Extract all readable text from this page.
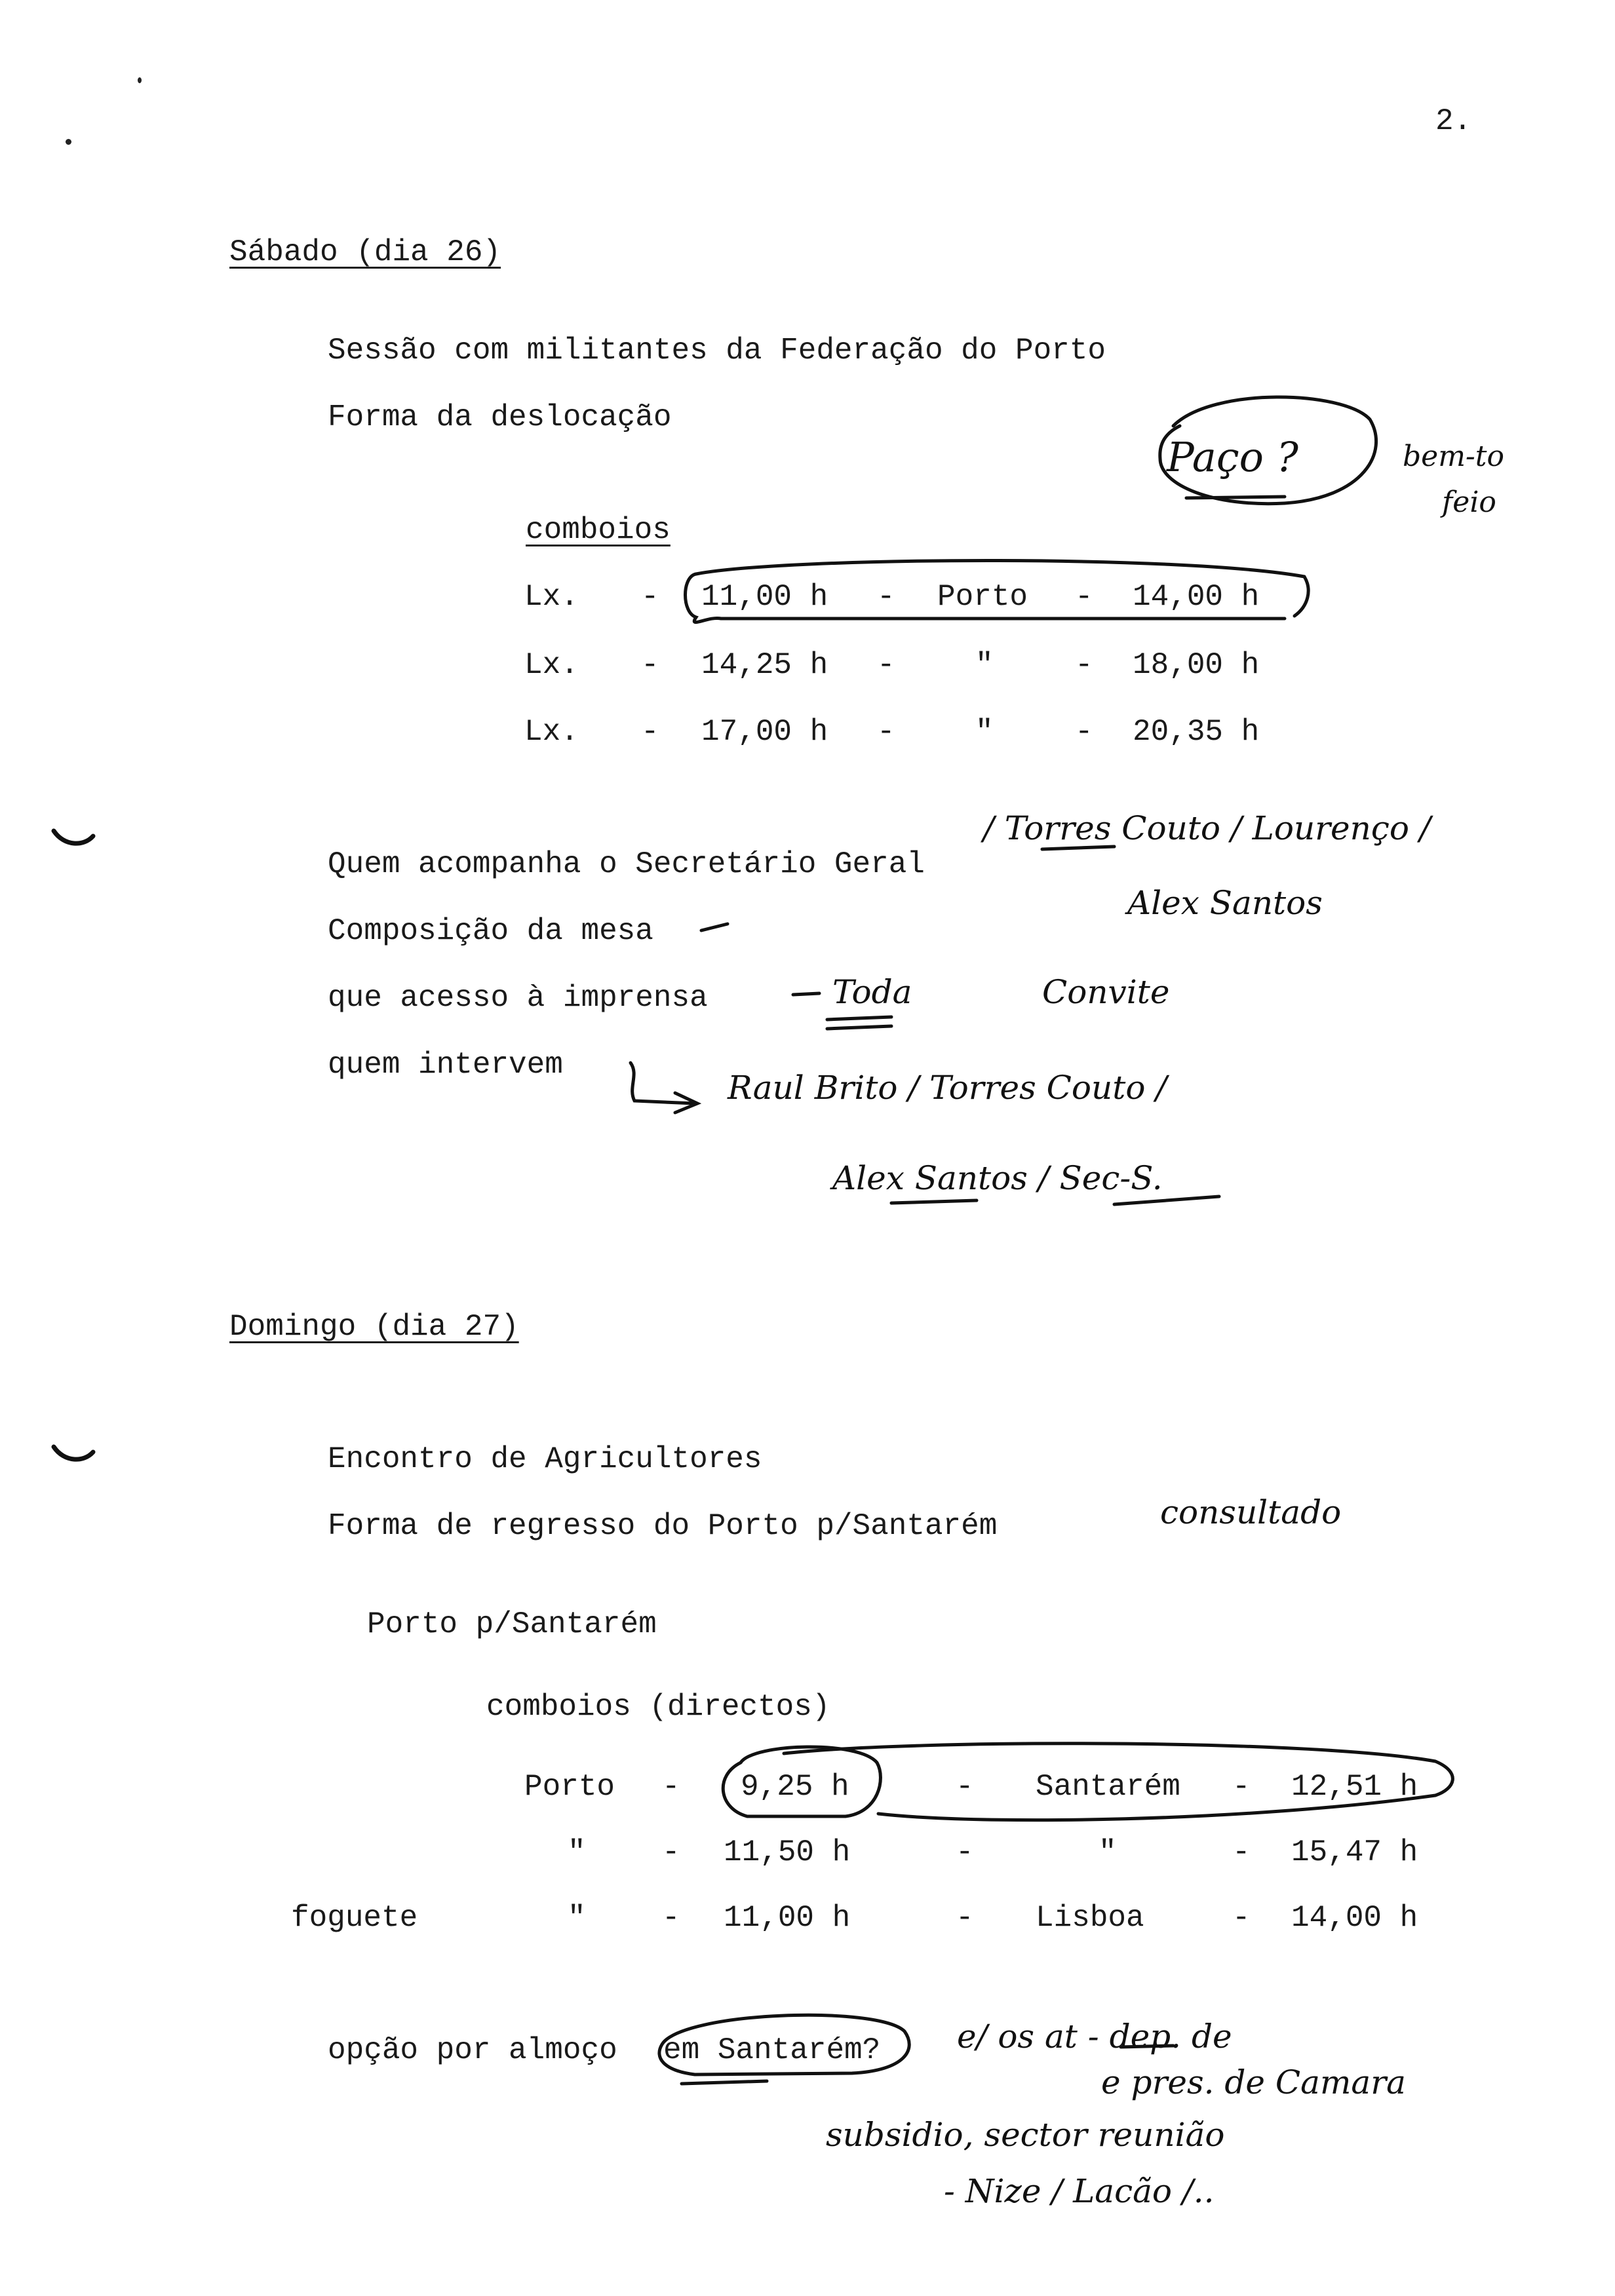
2.
Sábado (dia 26)
Sessão com militantes da Federação do Porto
Forma da deslocação
comboios
Lx. - 11,00 h - Porto - 14,00 h
Lx. - 14,25 h -	"	- 18,00 h
Lx. - 17,00 h -	"	- 20,35 h
Quem acompanha o Secretário Geral
Composição da mesa
que acesso à imprensa
quem intervem
Domingo (dia 27)
Encontro de Agricultores
Forma de regresso do Porto p/Santarém
Porto p/Santarém
comboios (directos)
Porto - 9,25 h	- Santarém - 12,51 h
"	- 11,50 h	-	"	- 15,47 h
foguete	"	- 11,00 h	- Lisboa	- 14,00 h
opção por almoço em Santarém?
Paço ?	bem-to
feio
/ Torres Couto / Lourenço /
Alex Santos
Toda	Convite
Raul Brito / Torres Couto /
Alex Santos / Sec-S.
consultado
e/ os at - dep. de
e pres. de Camara
subsidio, sector reunião
- Nize / Lacão /..
